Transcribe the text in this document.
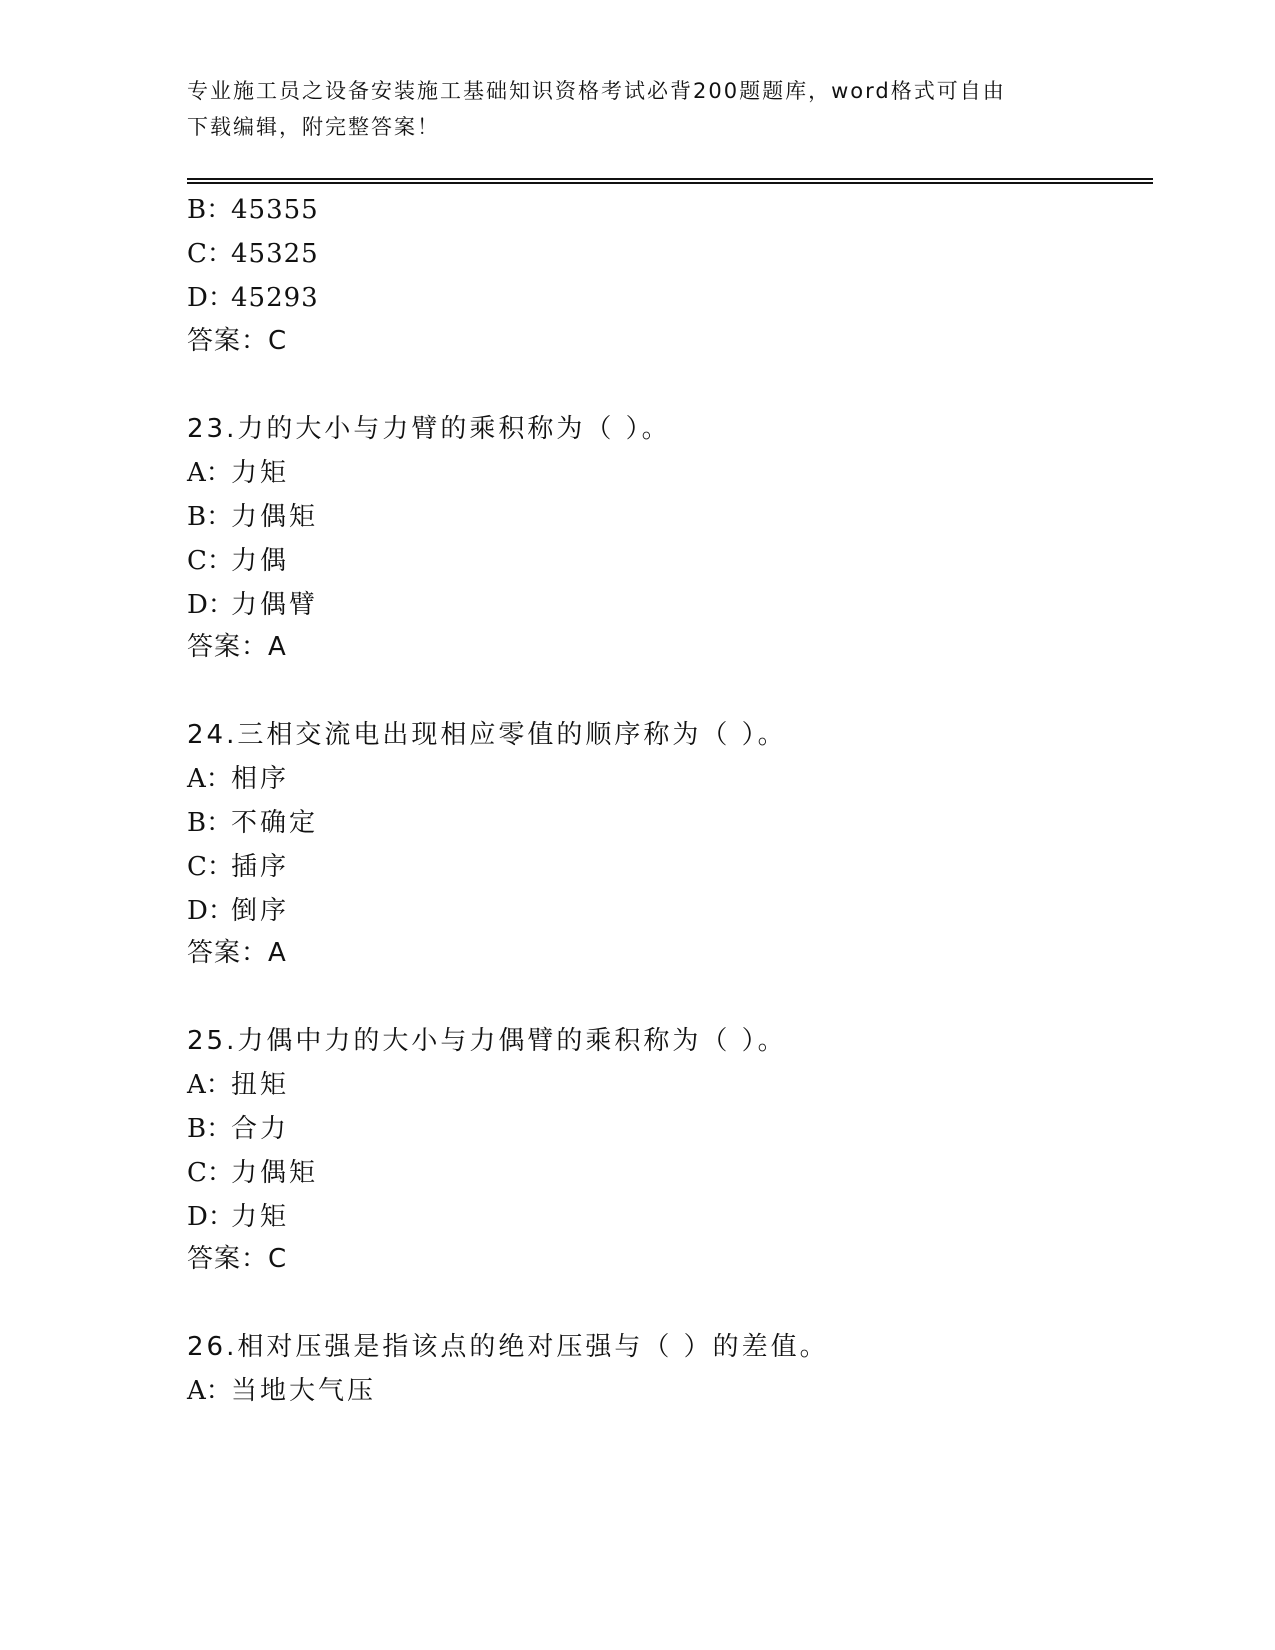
专业施工员之设备安装施工基础知识资格考试必背200题题库，word格式可自由
下载编辑，附完整答案！
B：45355
C：45325
D：45293
答案：C
23.力的大小与力臂的乘积称为（ ）。
A：力矩
B：力偶矩
C：力偶
D：力偶臂
答案：A
24.三相交流电出现相应零值的顺序称为（ ）。
A：相序
B：不确定
C：插序
D：倒序
答案：A
25.力偶中力的大小与力偶臂的乘积称为（ ）。
A：扭矩
B：合力
C：力偶矩
D：力矩
答案：C
26.相对压强是指该点的绝对压强与（ ）的差值。
A：当地大气压
